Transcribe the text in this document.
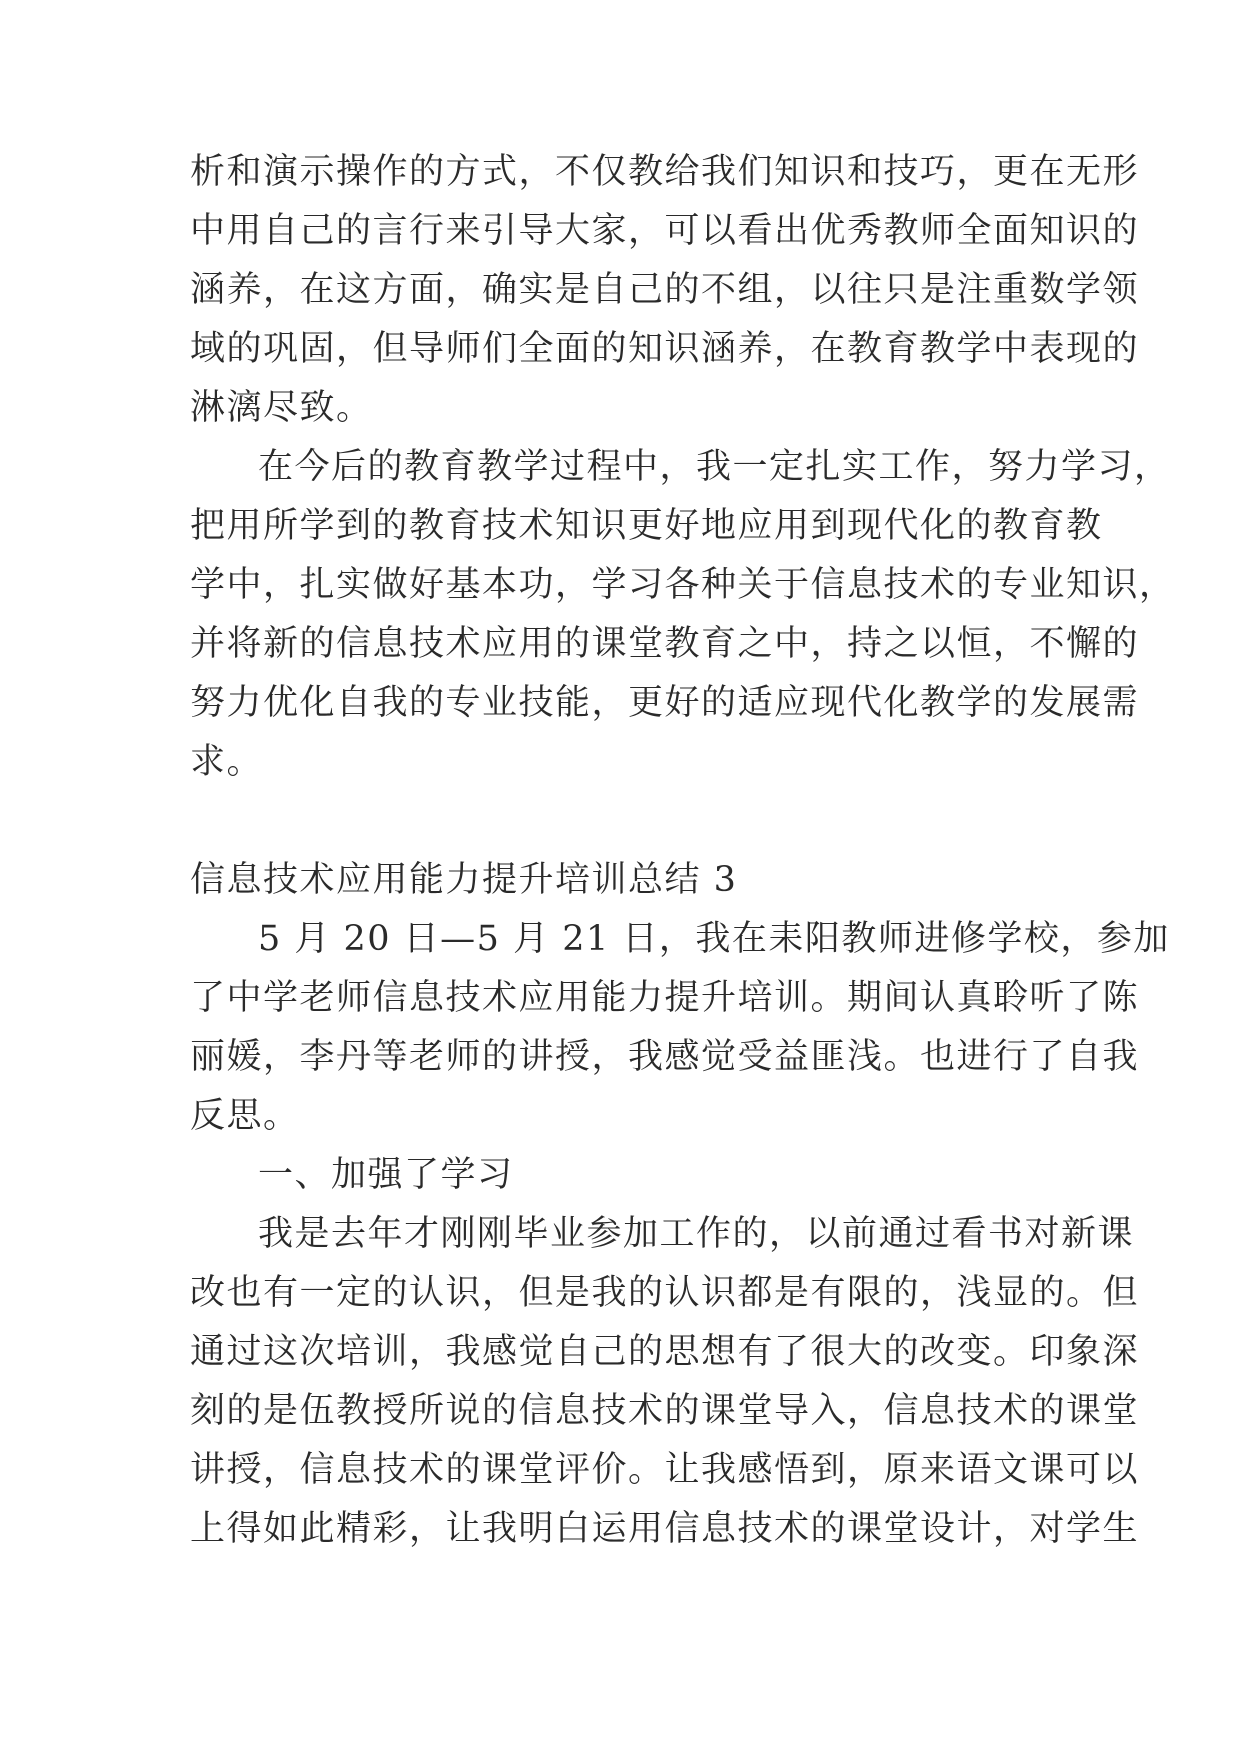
析和演示操作的方式，不仅教给我们知识和技巧，更在无形
中用自己的言行来引导大家，可以看出优秀教师全面知识的
涵养，在这方面，确实是自己的不组，以往只是注重数学领
域的巩固，但导师们全面的知识涵养，在教育教学中表现的
淋漓尽致。
在今后的教育教学过程中，我一定扎实工作，努力学习，
把用所学到的教育技术知识更好地应用到现代化的教育教
学中，扎实做好基本功，学习各种关于信息技术的专业知识，
并将新的信息技术应用的课堂教育之中，持之以恒，不懈的
努力优化自我的专业技能，更好的适应现代化教学的发展需
求。
信息技术应用能力提升培训总结 3
5 月 20 日—5 月 21 日，我在耒阳教师进修学校，参加
了中学老师信息技术应用能力提升培训。期间认真聆听了陈
丽媛，李丹等老师的讲授，我感觉受益匪浅。也进行了自我
反思。
一、加强了学习
我是去年才刚刚毕业参加工作的，以前通过看书对新课
改也有一定的认识，但是我的认识都是有限的，浅显的。但
通过这次培训，我感觉自己的思想有了很大的改变。印象深
刻的是伍教授所说的信息技术的课堂导入，信息技术的课堂
讲授，信息技术的课堂评价。让我感悟到，原来语文课可以
上得如此精彩，让我明白运用信息技术的课堂设计，对学生
